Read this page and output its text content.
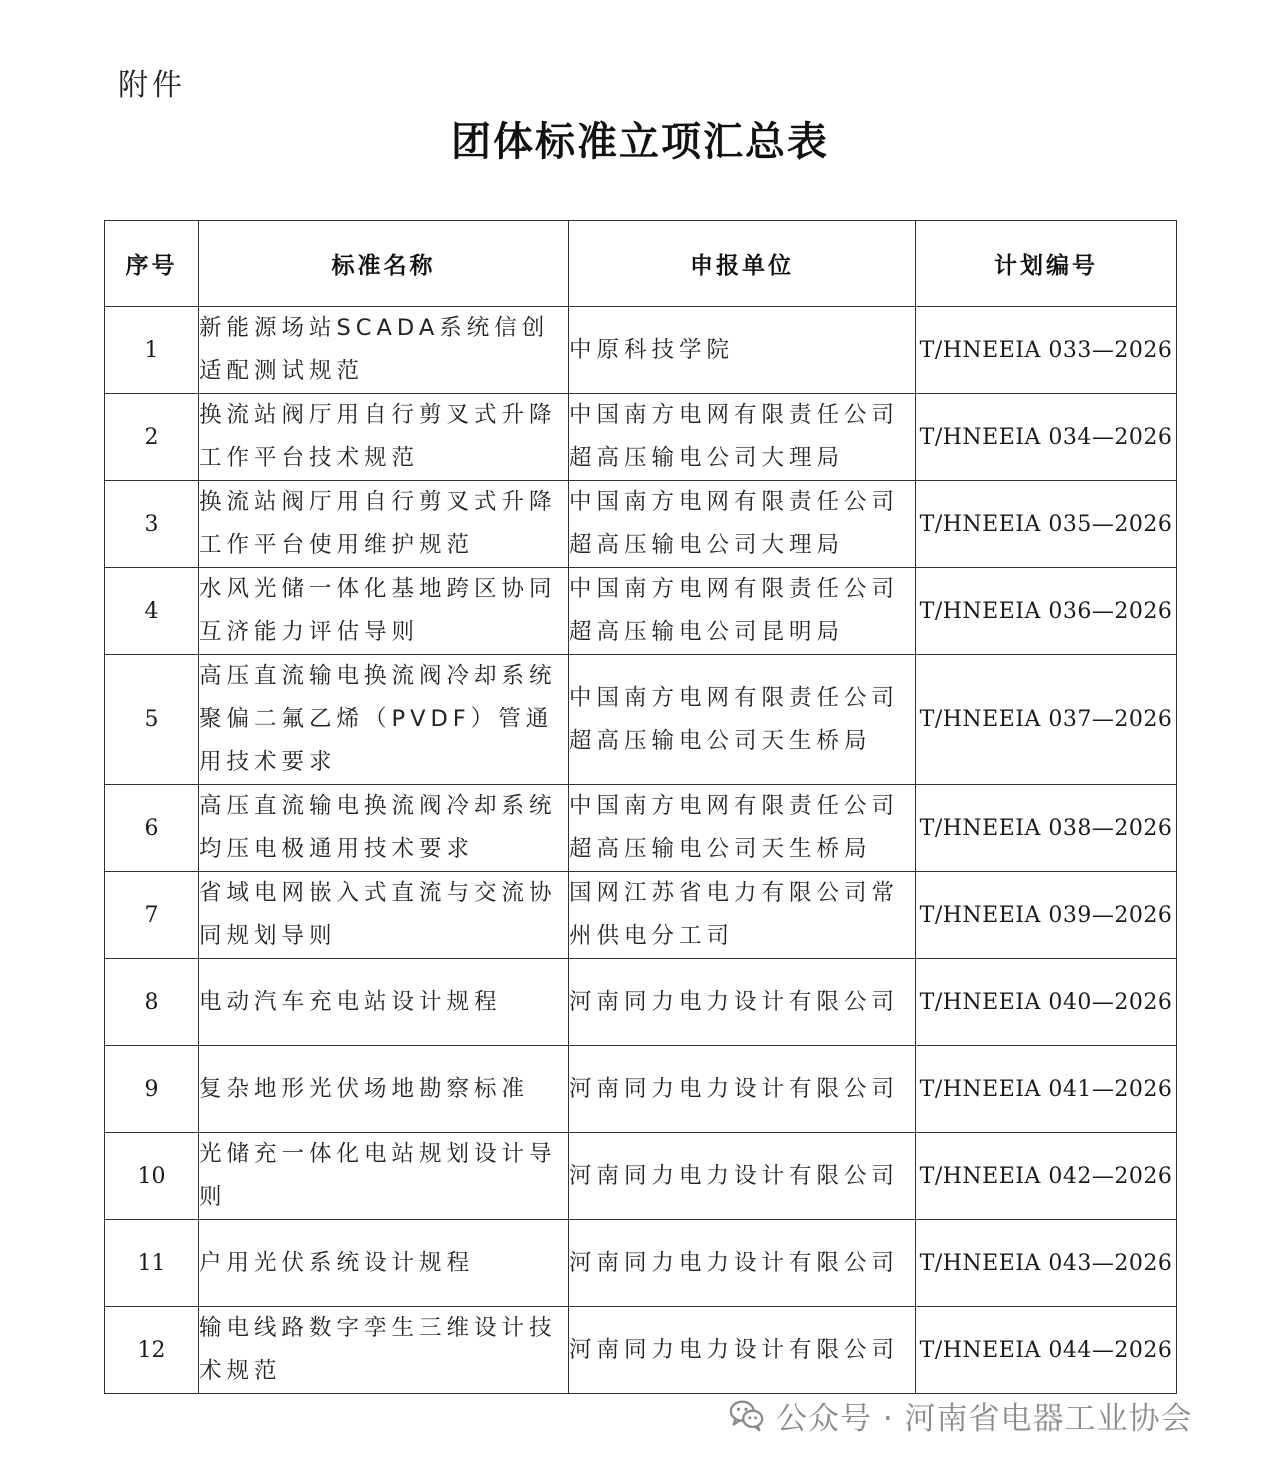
附件
团体标准立项汇总表
序号	标准名称	申报单位	计划编号
1	新能源场站SCADA系统信创适配测试规范	中原科技学院	T/HNEEIA 033—2026
2	换流站阀厅用自行剪叉式升降工作平台技术规范	中国南方电网有限责任公司超高压输电公司大理局	T/HNEEIA 034—2026
3	换流站阀厅用自行剪叉式升降工作平台使用维护规范	中国南方电网有限责任公司超高压输电公司大理局	T/HNEEIA 035—2026
4	水风光储一体化基地跨区协同互济能力评估导则	中国南方电网有限责任公司超高压输电公司昆明局	T/HNEEIA 036—2026
5	高压直流输电换流阀冷却系统聚偏二氟乙烯（PVDF）管通用技术要求	中国南方电网有限责任公司超高压输电公司天生桥局	T/HNEEIA 037—2026
6	高压直流输电换流阀冷却系统均压电极通用技术要求	中国南方电网有限责任公司超高压输电公司天生桥局	T/HNEEIA 038—2026
7	省域电网嵌入式直流与交流协同规划导则	国网江苏省电力有限公司常州供电分工司	T/HNEEIA 039—2026
8	电动汽车充电站设计规程	河南同力电力设计有限公司	T/HNEEIA 040—2026
9	复杂地形光伏场地勘察标准	河南同力电力设计有限公司	T/HNEEIA 041—2026
10	光储充一体化电站规划设计导则	河南同力电力设计有限公司	T/HNEEIA 042—2026
11	户用光伏系统设计规程	河南同力电力设计有限公司	T/HNEEIA 043—2026
12	输电线路数字孪生三维设计技术规范	河南同力电力设计有限公司	T/HNEEIA 044—2026
公众号 · 河南省电器工业协会
